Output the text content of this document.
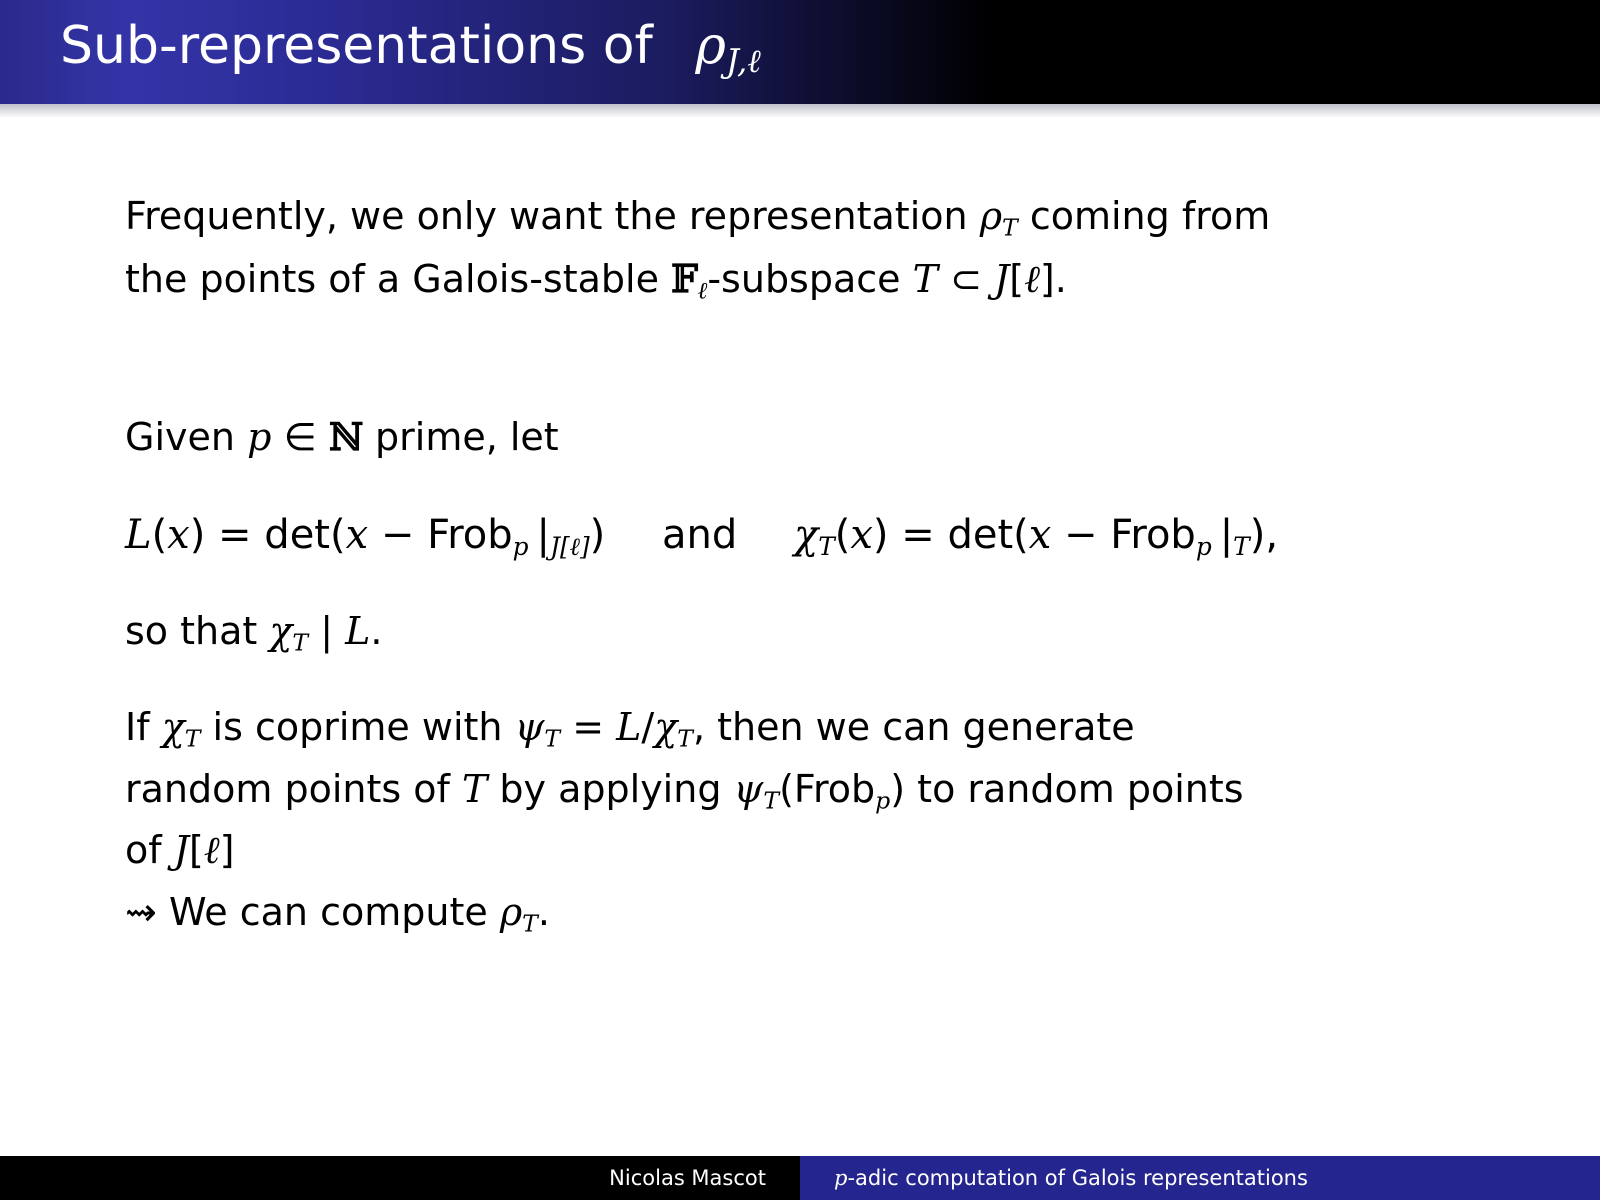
Sub-representations of $\rho_{J,\ell}$
Frequently, we only want the representation $\rho_T$ coming from
the points of a Galois-stable 𝔽$_\ell$-subspace T ⊂ J[ℓ].
Given p ∈ ℕ prime, let
L(x) = det(x − Frob$_p$ $|_{J[\ell]}$) and $\chi_T(x) = \det(x$ − Frob$_p$ $|_T$),
so that $\chi_T$ | L.
If $\chi_T$ is coprime with $\psi_T = L/\chi_T$, then we can generate
random points of T by applying $\psi_T(Frob_p)$ to random points
of J[ℓ]
⇝ We can compute $\rho_T$.
Nicolas Mascot	p-adic computation of Galois representations
